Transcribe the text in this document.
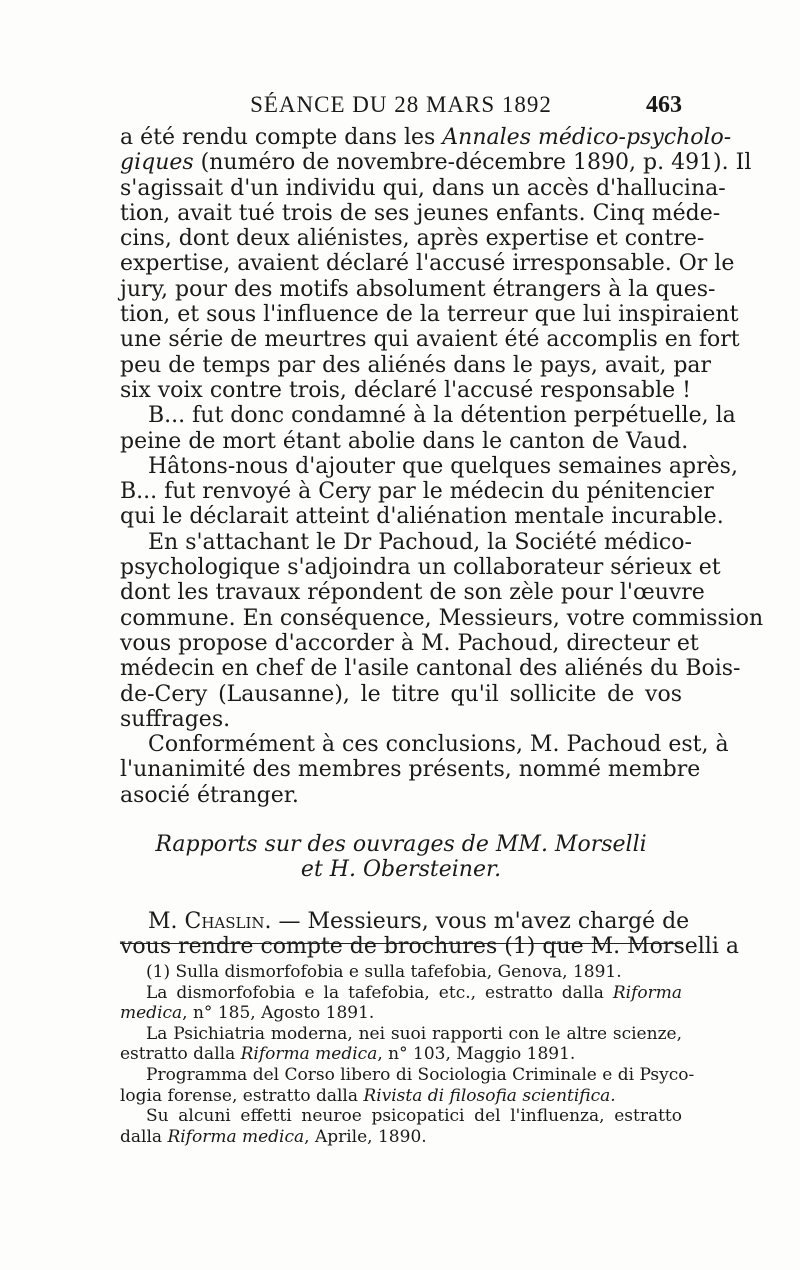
SÉANCE DU 28 MARS 1892	463
a été rendu compte dans les Annales médico-psycholo-
giques (numéro de novembre-décembre 1890, p. 491). Il
s'agissait d'un individu qui, dans un accès d'hallucina-
tion, avait tué trois de ses jeunes enfants. Cinq méde-
cins, dont deux aliénistes, après expertise et contre-
expertise, avaient déclaré l'accusé irresponsable. Or le
jury, pour des motifs absolument étrangers à la ques-
tion, et sous l'influence de la terreur que lui inspiraient
une série de meurtres qui avaient été accomplis en fort
peu de temps par des aliénés dans le pays, avait, par
six voix contre trois, déclaré l'accusé responsable !
B... fut donc condamné à la détention perpétuelle, la
peine de mort étant abolie dans le canton de Vaud.
Hâtons-nous d'ajouter que quelques semaines après,
B... fut renvoyé à Cery par le médecin du pénitencier
qui le déclarait atteint d'aliénation mentale incurable.
En s'attachant le Dr Pachoud, la Société médico-
psychologique s'adjoindra un collaborateur sérieux et
dont les travaux répondent de son zèle pour l'œuvre
commune. En conséquence, Messieurs, votre commission
vous propose d'accorder à M. Pachoud, directeur et
médecin en chef de l'asile cantonal des aliénés du Bois-
de-Cery (Lausanne), le titre qu'il sollicite de vos
suffrages.
Conformément à ces conclusions, M. Pachoud est, à
l'unanimité des membres présents, nommé membre
asocié étranger.
Rapports sur des ouvrages de MM. Morselli
et H. Obersteiner.
M. Chaslin. — Messieurs, vous m'avez chargé de
vous rendre compte de brochures (1) que M. Morselli a
(1) Sulla dismorfofobia e sulla tafefobia, Genova, 1891.
La dismorfofobia e la tafefobia, etc., estratto dalla Riforma
medica, n° 185, Agosto 1891.
La Psichiatria moderna, nei suoi rapporti con le altre scienze,
estratto dalla Riforma medica, n° 103, Maggio 1891.
Programma del Corso libero di Sociologia Criminale e di Psyco-
logia forense, estratto dalla Rivista di filosofia scientifica.
Su alcuni effetti neuroe psicopatici del l'influenza, estratto
dalla Riforma medica, Aprile, 1890.
